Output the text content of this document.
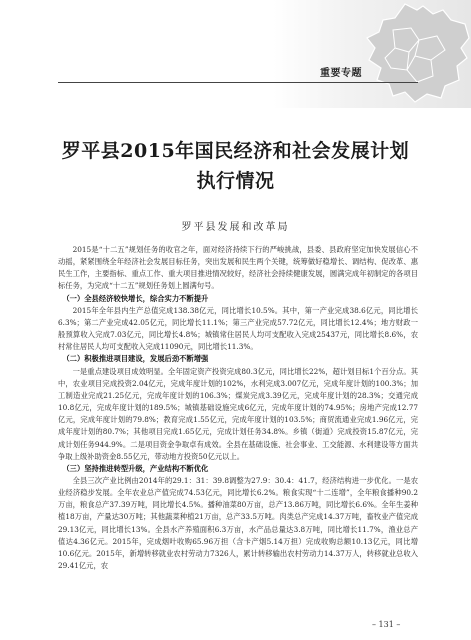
重要专题
罗平县2015年国民经济和社会发展计划
执行情况
罗平县发展和改革局

2015是“十二五”规划任务的收官之年，面对经济持续下行的严峻挑战，县委、县政府坚定加快发展信心不动摇，紧紧围绕全年经济社会发展目标任务，突出发展和民生两个关键，统筹做好稳增长、调结构、促改革、惠民生工作，主要指标、重点工作、重大项目推进情况较好，经济社会持续健康发展，圆满完成年初制定的各项目标任务，为完成“十二五”规划任务划上圆满句号。

（一）全县经济较快增长，综合实力不断提升

2015年全年县内生产总值完成138.38亿元，同比增长10.5%。其中，第一产业完成38.6亿元，同比增长6.3%；第二产业完成42.05亿元，同比增长11.1%；第三产业完成57.72亿元，同比增长12.4%；地方财政一般预算收入完成7.03亿元，同比增长4.8%；城镇常住居民人均可支配收入完成25437元，同比增长8.6%，农村常住居民人均可支配收入完成11090元，同比增长11.3%。

（二）积极推进项目建设，发展后劲不断增强

一是重点建设项目成效明显。全年固定资产投资完成80.3亿元，同比增长22%，超计划目标1个百分点。其中，农业项目完成投资2.04亿元，完成年度计划的102%，水利完成3.007亿元，完成年度计划的100.3%；加工制造业完成21.25亿元，完成年度计划的106.3%；煤炭完成3.39亿元，完成年度计划的28.3%；交通完成10.8亿元，完成年度计划的189.5%；城镇基础设施完成6亿元，完成年度计划的74.95%；房地产完成12.77亿元，完成年度计划的79.8%；教育完成1.55亿元，完成年度计划的103.5%；商贸流通业完成1.96亿元，完成年度计划的80.7%；其他项目完成1.65亿元，完成计划任务34.8%。乡镇（街道）完成投资15.87亿元，完成计划任务944.9%。二是项目资金争取卓有成效。全县在基础设施、社会事业、工交能源、水利建设等方面共争取上级补助资金8.55亿元，带动地方投资50亿元以上。

（三）坚持推进转型升级，产业结构不断优化

全县三次产业比例由2014年的29.1：31：39.8调整为27.9：30.4：41.7，经济结构进一步优化。一是农业经济稳步发展。全年农业总产值完成74.53亿元，同比增长6.2%。粮食实现“十二连增”，全年粮食播种90.2万亩，粮食总产37.39万吨，同比增长4.5%。播种油菜80万亩，总产13.86万吨，同比增长6.6%。全年生姜种植18万亩，产量达30万吨；其他蔬菜种植21万亩，总产33.5万吨。肉类总产完成14.37万吨，畜牧业产值完成29.13亿元，同比增长13%。全县水产养殖面积6.3万亩，水产品总量达3.8万吨，同比增长11.7%，渔业总产值达4.36亿元。2015年，完成烟叶收购65.96万担（含卡产烟5.14万担）完成收购总额10.13亿元，同比增10.6亿元。2015年，新增转移就业农村劳动力7326人，累计转移输出农村劳动力14.37万人，转移就业总收入29.41亿元，农

– 131 –
